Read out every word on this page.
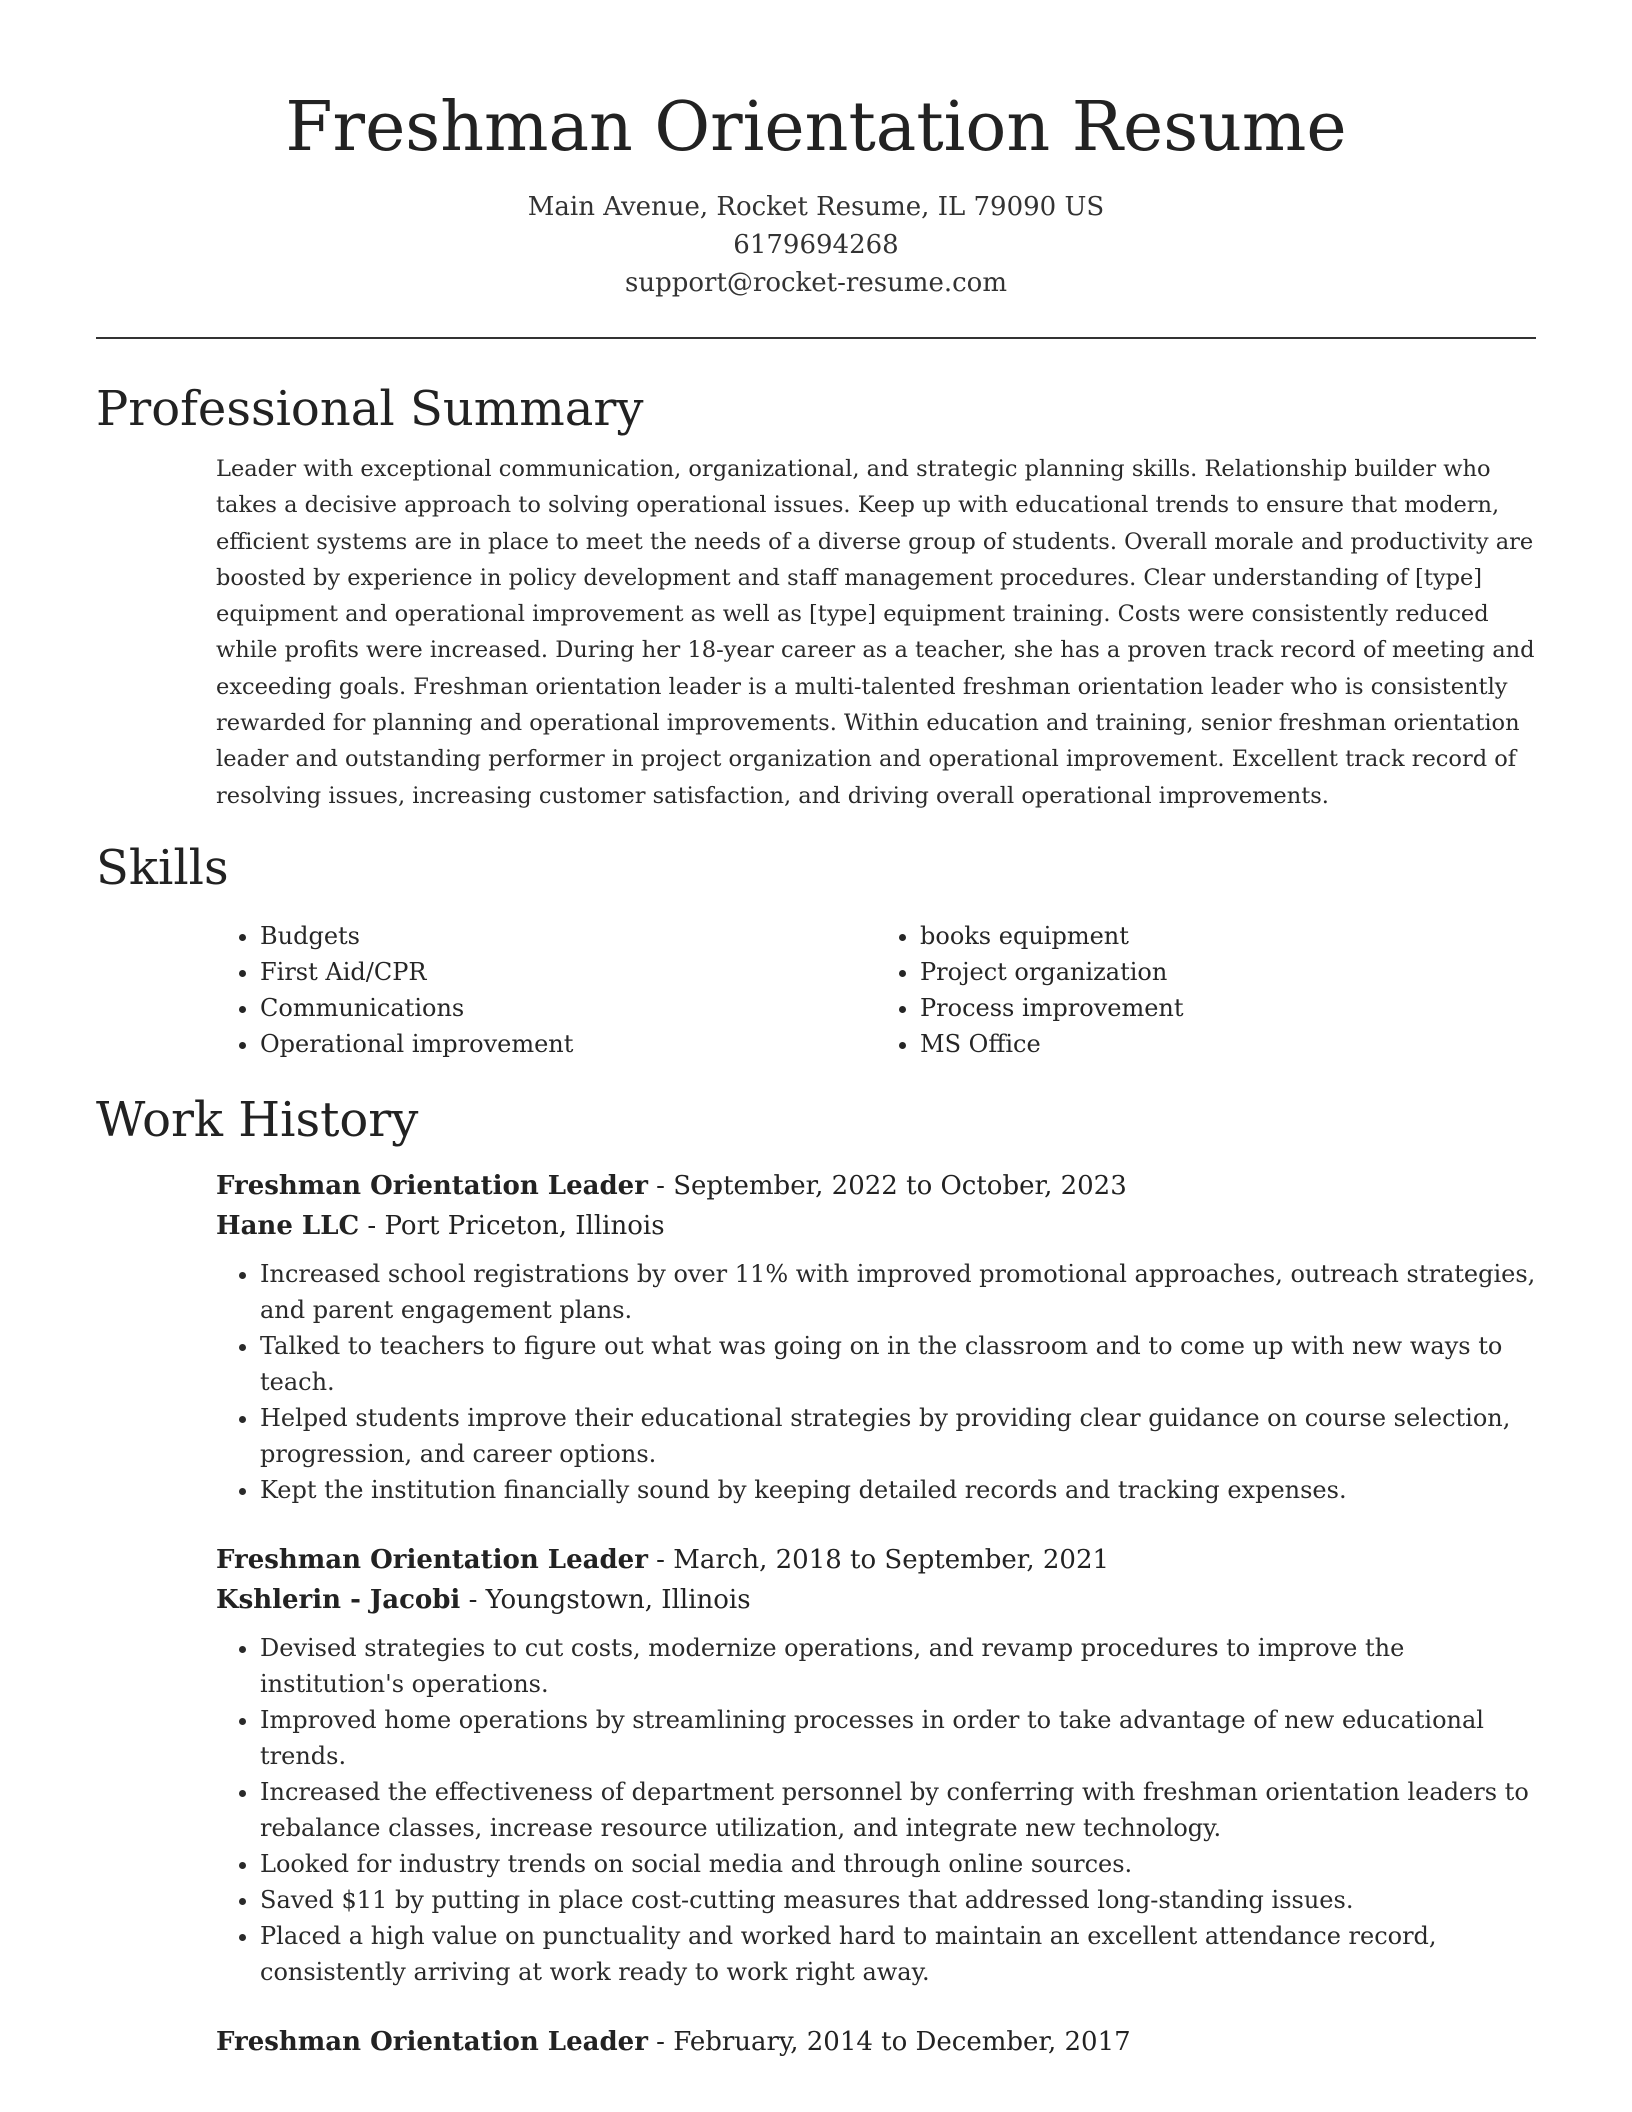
Freshman Orientation Resume
Main Avenue, Rocket Resume, IL 79090 US
6179694268
support@rocket-resume.com
Professional Summary

Leader with exceptional communication, organizational, and strategic planning skills. Relationship builder who takes a decisive approach to solving operational issues. Keep up with educational trends to ensure that modern, efficient systems are in place to meet the needs of a diverse group of students. Overall morale and productivity are boosted by experience in policy development and staff management procedures. Clear understanding of [type] equipment and operational improvement as well as [type] equipment training. Costs were consistently reduced while profits were increased. During her 18-year career as a teacher, she has a proven track record of meeting and exceeding goals. Freshman orientation leader is a multi-talented freshman orientation leader who is consistently rewarded for planning and operational improvements. Within education and training, senior freshman orientation leader and outstanding performer in project organization and operational improvement. Excellent track record of resolving issues, increasing customer satisfaction, and driving overall operational improvements.

Skills
• Budgets
• First Aid/CPR
• Communications
• Operational improvement
• books equipment
• Project organization
• Process improvement
• MS Office
Work History
Freshman Orientation Leader - September, 2022 to October, 2023
Hane LLC - Port Priceton, Illinois
• Increased school registrations by over 11% with improved promotional approaches, outreach strategies, and parent engagement plans.
• Talked to teachers to figure out what was going on in the classroom and to come up with new ways to teach.
• Helped students improve their educational strategies by providing clear guidance on course selection, progression, and career options.
• Kept the institution financially sound by keeping detailed records and tracking expenses.
Freshman Orientation Leader - March, 2018 to September, 2021
Kshlerin - Jacobi - Youngstown, Illinois
• Devised strategies to cut costs, modernize operations, and revamp procedures to improve the institution's operations.
• Improved home operations by streamlining processes in order to take advantage of new educational trends.
• Increased the effectiveness of department personnel by conferring with freshman orientation leaders to rebalance classes, increase resource utilization, and integrate new technology.
• Looked for industry trends on social media and through online sources.
• Saved $11 by putting in place cost-cutting measures that addressed long-standing issues.
• Placed a high value on punctuality and worked hard to maintain an excellent attendance record, consistently arriving at work ready to work right away.
Freshman Orientation Leader - February, 2014 to December, 2017
